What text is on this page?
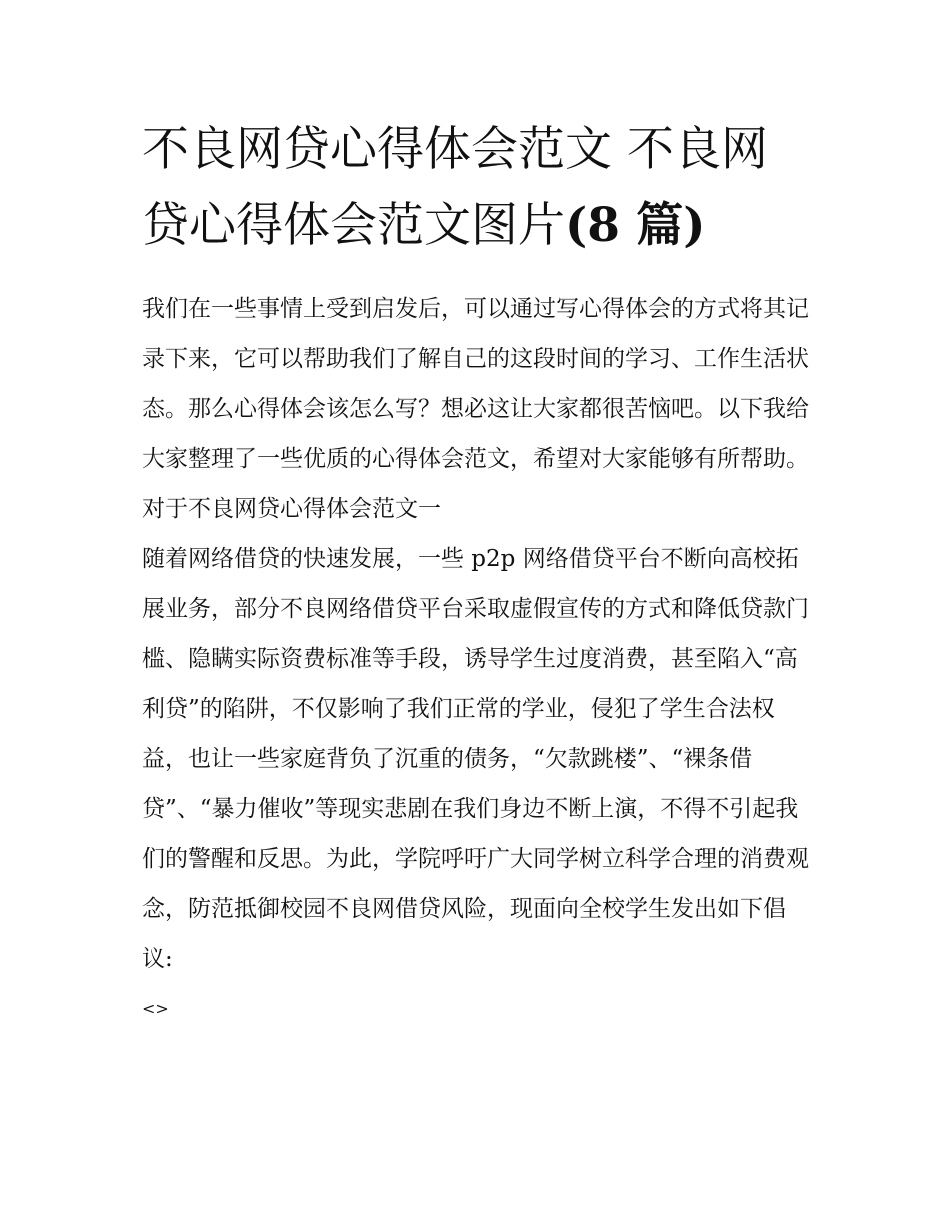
不良网贷心得体会范文 不良网贷心得体会范文图片(8 篇)

我们在一些事情上受到启发后，可以通过写心得体会的方式将其记录下来，它可以帮助我们了解自己的这段时间的学习、工作生活状态。那么心得体会该怎么写？想必这让大家都很苦恼吧。以下我给大家整理了一些优质的心得体会范文，希望对大家能够有所帮助。

对于不良网贷心得体会范文一

随着网络借贷的快速发展，一些 p2p 网络借贷平台不断向高校拓展业务，部分不良网络借贷平台采取虚假宣传的方式和降低贷款门槛、隐瞒实际资费标准等手段，诱导学生过度消费，甚至陷入“高利贷”的陷阱，不仅影响了我们正常的学业，侵犯了学生合法权益，也让一些家庭背负了沉重的债务，“欠款跳楼”、“裸条借贷”、“暴力催收”等现实悲剧在我们身边不断上演，不得不引起我们的警醒和反思。为此，学院呼吁广大同学树立科学合理的消费观念，防范抵御校园不良网借贷风险，现面向全校学生发出如下倡议:

<>
